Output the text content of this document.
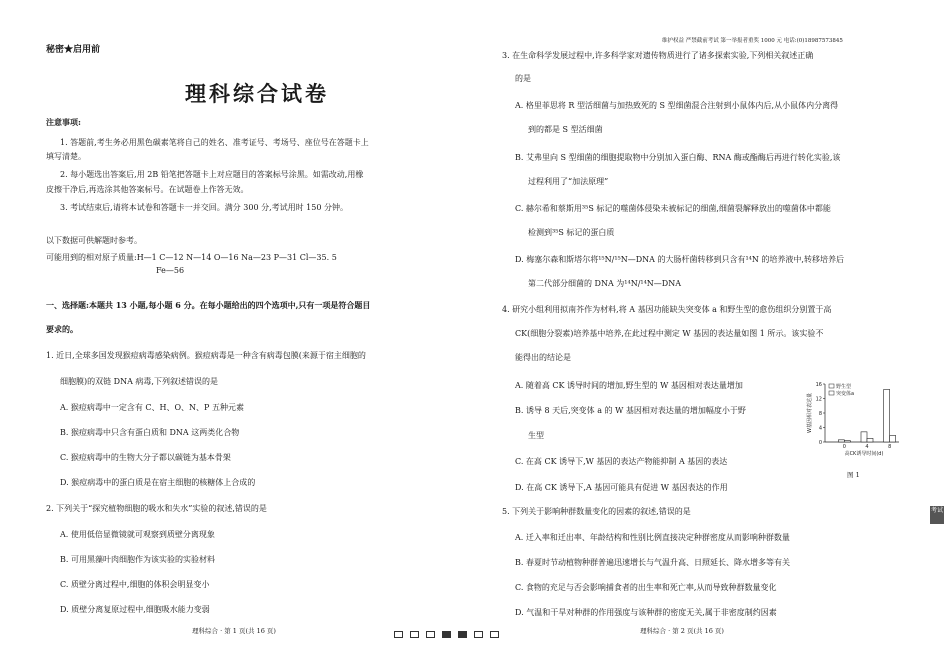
秘密★启用前
理科综合试卷
注意事项:
1. 答题前,考生务必用黑色碳素笔将自己的姓名、准考证号、考场号、座位号在答题卡上
填写清楚。
2. 每小题选出答案后,用 2B 铅笔把答题卡上对应题目的答案标号涂黑。如需改动,用橡
皮擦干净后,再选涂其他答案标号。在试题卷上作答无效。
3. 考试结束后,请将本试卷和答题卡一并交回。满分 300 分,考试用时 150 分钟。
以下数据可供解题时参考。
可能用到的相对原子质量:H—1 C—12 N—14 O—16 Na—23 P—31 Cl—35. 5
Fe—56
一、选择题:本题共 13 小题,每小题 6 分。在每小题给出的四个选项中,只有一项是符合题目
要求的。
1. 近日,全球多国发现猴痘病毒感染病例。猴痘病毒是一种含有病毒包膜(来源于宿主细胞的
细胞膜)的双链 DNA 病毒,下列叙述错误的是
A. 猴痘病毒中一定含有 C、H、O、N、P 五种元素
B. 猴痘病毒中只含有蛋白质和 DNA 这两类化合物
C. 猴痘病毒中的生物大分子都以碳链为基本骨架
D. 猴痘病毒中的蛋白质是在宿主细胞的核糖体上合成的
2. 下列关于“探究植物细胞的吸水和失水”实验的叙述,错误的是
A. 使用低倍显微镜就可观察到质壁分离现象
B. 可用黑藻叶肉细胞作为该实验的实验材料
C. 质壁分离过程中,细胞的体积会明显变小
D. 质壁分离复原过程中,细胞吸水能力变弱
理科综合 · 第 1 页(共 16 页)
维护权益 严禁截前考试 第一举报者重奖 1000 元 电话:(0)18987573845
3. 在生命科学发展过程中,许多科学家对遗传物质进行了诸多探索实验,下列相关叙述正确
的是
A. 格里菲思将 R 型活细菌与加热致死的 S 型细菌混合注射到小鼠体内后,从小鼠体内分离得
到的都是 S 型活细菌
B. 艾弗里向 S 型细菌的细胞提取物中分别加入蛋白酶、RNA 酶或酯酶后再进行转化实验,该
过程利用了“加法原理”
C. 赫尔希和蔡斯用³⁵S 标记的噬菌体侵染未被标记的细菌,细菌裂解释放出的噬菌体中都能
检测到³⁵S 标记的蛋白质
D. 梅塞尔森和斯塔尔将¹⁵N/¹⁵N—DNA 的大肠杆菌转移到只含有¹⁴N 的培养液中,转移培养后
第二代部分细菌的 DNA 为¹⁴N/¹⁴N—DNA
4. 研究小组利用拟南芥作为材料,将 A 基因功能缺失突变体 a 和野生型的愈伤组织分别置于高
CK(细胞分裂素)培养基中培养,在此过程中测定 W 基因的表达量如图 1 所示。该实验不
能得出的结论是
A. 随着高 CK 诱导时间的增加,野生型的 W 基因相对表达量增加
B. 诱导 8 天后,突变体 a 的 W 基因相对表达量的增加幅度小于野
生型
C. 在高 CK 诱导下,W 基因的表达产物能抑制 A 基因的表达
D. 在高 CK 诱导下,A 基因可能具有促进 W 基因表达的作用
0
4
8
12
16
W基因相对表达量
0	4	8
高CK诱导时间(d)
野生型
突变体a
图 1
5. 下列关于影响种群数量变化的因素的叙述,错误的是
A. 迁入率和迁出率、年龄结构和性别比例直接决定种群密度从而影响种群数量
B. 春夏时节动植物种群普遍迅速增长与气温升高、日照延长、降水增多等有关
C. 食物的充足与否会影响捕食者的出生率和死亡率,从而导致种群数量变化
D. 气温和干旱对种群的作用强度与该种群的密度无关,属于非密度制约因素
理科综合 · 第 2 页(共 16 页)
考试
